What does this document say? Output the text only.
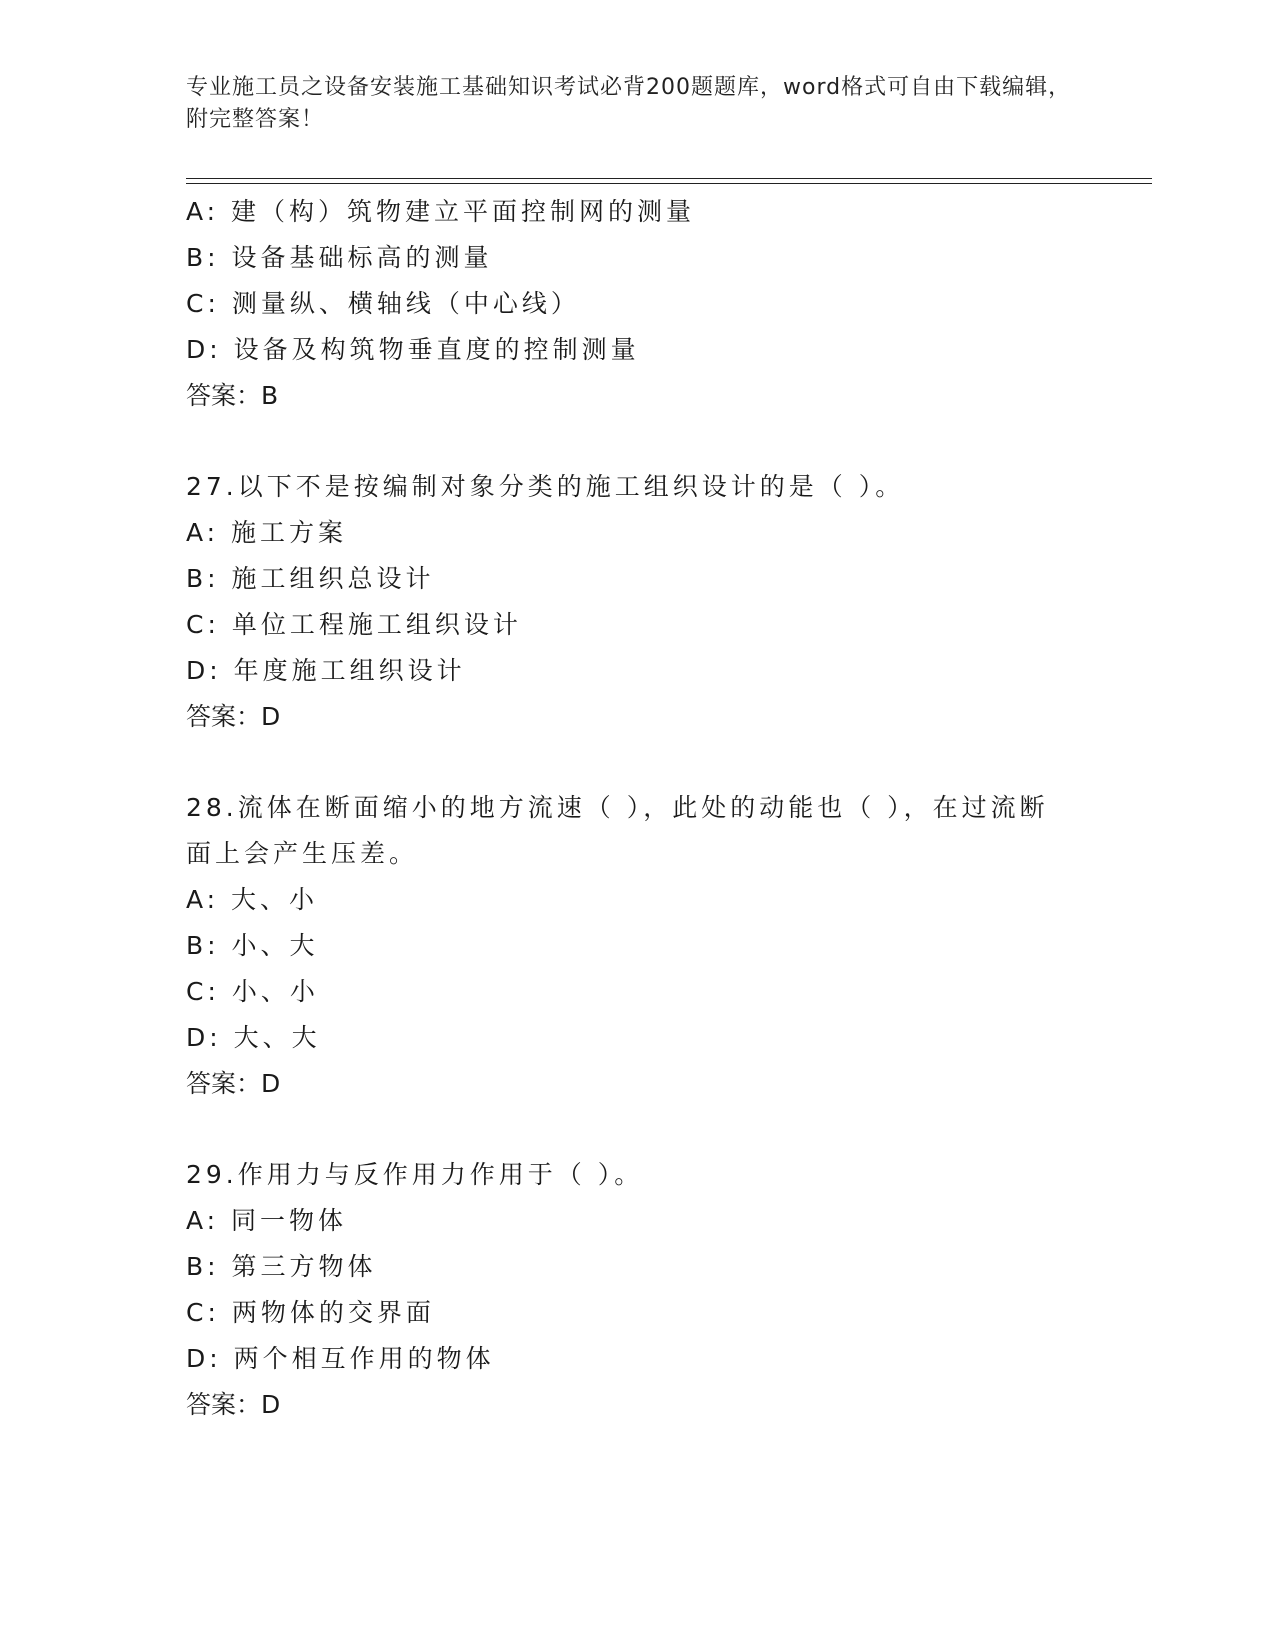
专业施工员之设备安装施工基础知识考试必背200题题库，word格式可自由下载编辑，附完整答案！
A: 建（构）筑物建立平面控制网的测量
B: 设备基础标高的测量
C: 测量纵、横轴线（中心线）
D: 设备及构筑物垂直度的控制测量
答案：B
27.以下不是按编制对象分类的施工组织设计的是（ ）。
A: 施工方案
B: 施工组织总设计
C: 单位工程施工组织设计
D: 年度施工组织设计
答案：D
28.流体在断面缩小的地方流速（ ），此处的动能也（ ），在过流断
面上会产生压差。
A: 大、小
B: 小、大
C: 小、小
D: 大、大
答案：D
29.作用力与反作用力作用于（ ）。
A: 同一物体
B: 第三方物体
C: 两物体的交界面
D: 两个相互作用的物体
答案：D
